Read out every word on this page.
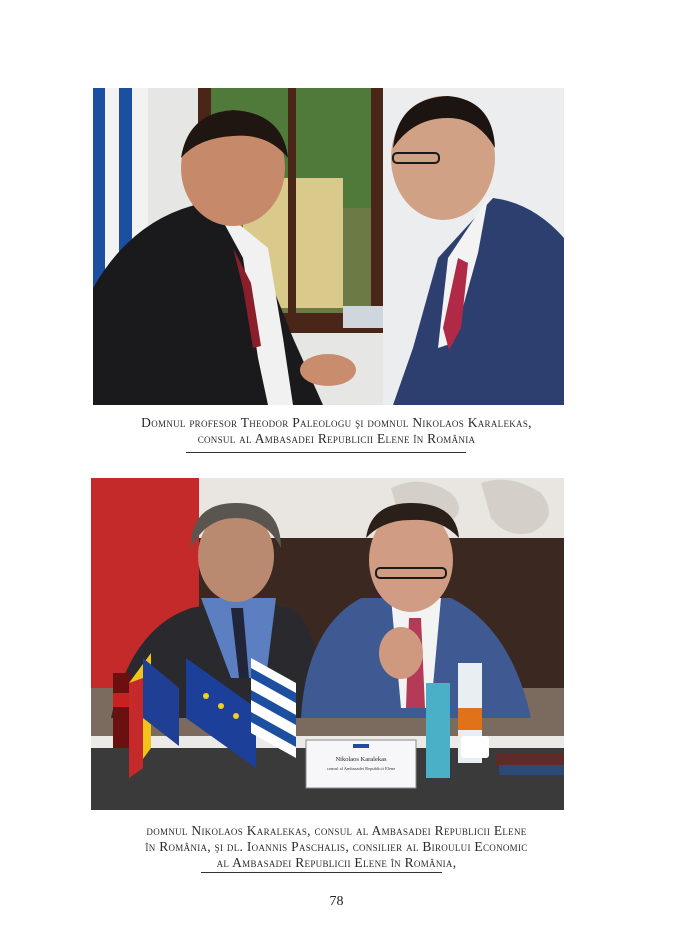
Domnul profesor Theodor Paleologu şi domnul Nikolaos Karalekas,
consul al Ambasadei Republicii Elene în România
Nikolaos Karalekas
consul al Ambasadei Republicii Elene
domnul Nikolaos Karalekas, consul al Ambasadei Republicii Elene
în România, şi dl. Ioannis Paschalis, consilier al Biroului Economic
al Ambasadei Republicii Elene în România,
78
